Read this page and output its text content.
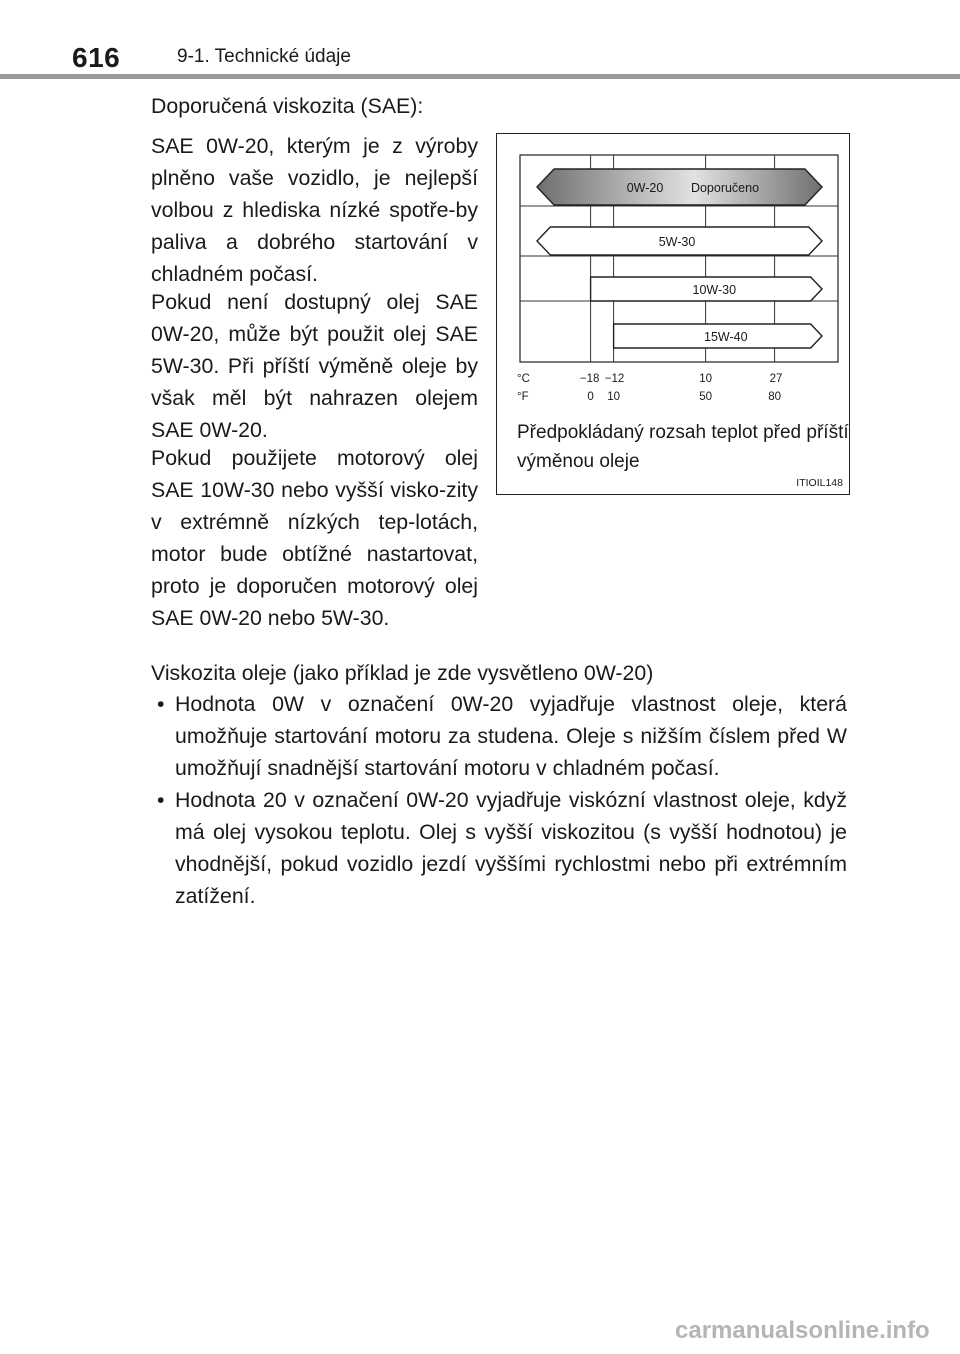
616	9-1. Technické údaje
Doporučená viskozita (SAE):

SAE 0W-20, kterým je z výroby plněno vaše vozidlo, je nejlepší volbou z hlediska nízké spotře-by paliva a dobrého startování v chladném počasí.

Pokud není dostupný olej SAE 0W-20, může být použit olej SAE 5W-30. Při příští výměně oleje by však měl být nahrazen olejem SAE 0W-20.

Pokud použijete motorový olej SAE 10W-30 nebo vyšší visko-zity v extrémně nízkých tep-lotách, motor bude obtížné nastartovat, proto je doporučen motorový olej SAE 0W-20 nebo 5W-30.

0W-20 Doporučeno
5W-30
10W-30
15W-40
°C
°F
−18 −12	10	27
0 10	50	80
Předpokládaný rozsah teplot před příští výměnou oleje
ITIOIL148
Viskozita oleje (jako příklad je zde vysvětleno 0W-20)
• Hodnota 0W v označení 0W-20 vyjadřuje vlastnost oleje, která umožňuje startování motoru za studena. Oleje s nižším číslem před W umožňují snadnější startování motoru v chladném počasí.
• Hodnota 20 v označení 0W-20 vyjadřuje viskózní vlastnost oleje, když má olej vysokou teplotu. Olej s vyšší viskozitou (s vyšší hodnotou) je vhodnější, pokud vozidlo jezdí vyššími rychlostmi nebo při extrémním zatížení.
carmanualsonline.info
